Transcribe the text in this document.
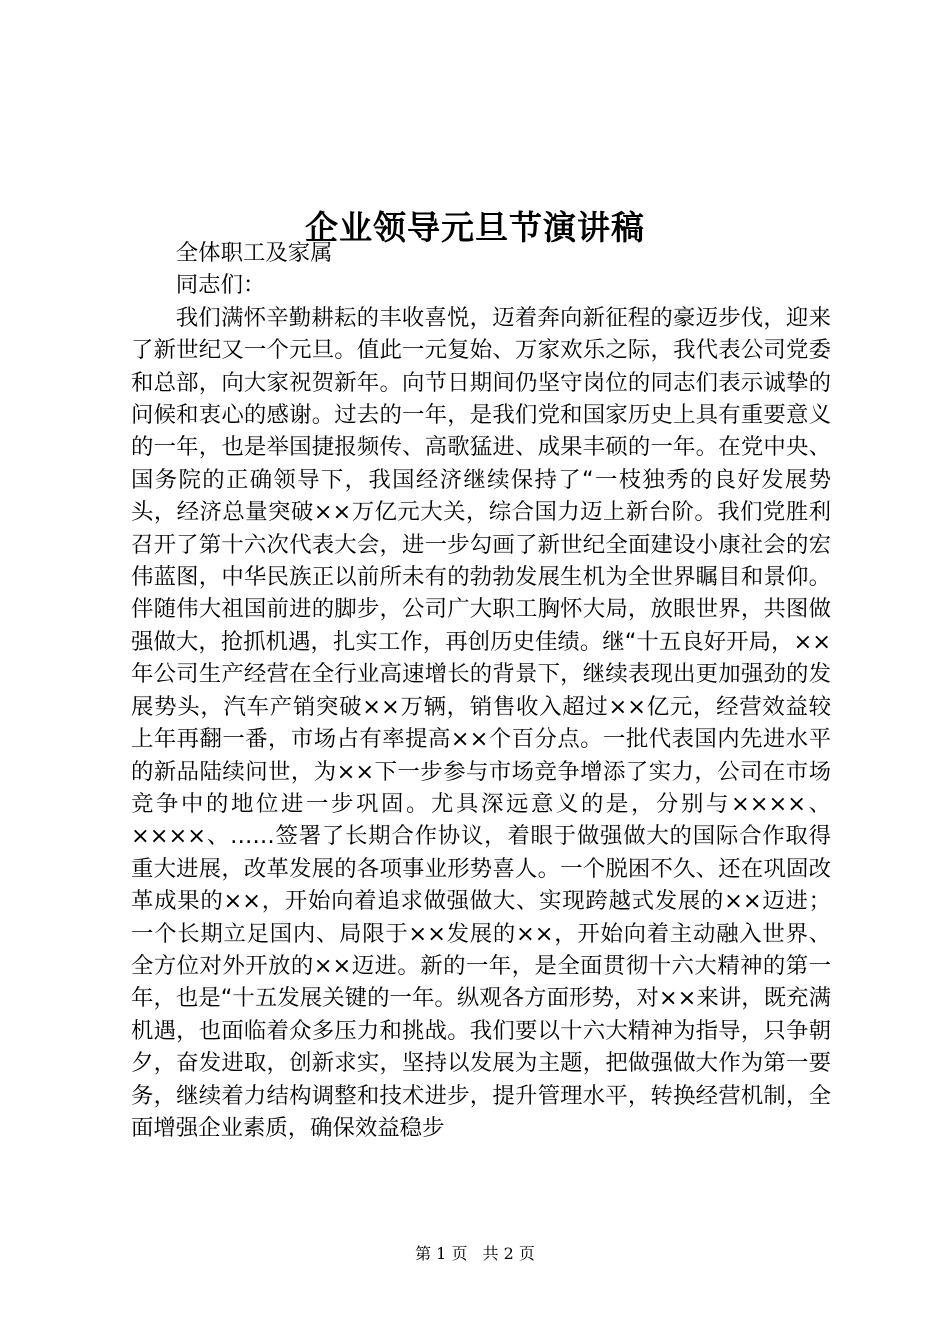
企业领导元旦节演讲稿

全体职工及家属

同志们：

我们满怀辛勤耕耘的丰收喜悦，迈着奔向新征程的豪迈步伐，迎来了新世纪又一个元旦。值此一元复始、万家欢乐之际，我代表公司党委和总部，向大家祝贺新年。向节日期间仍坚守岗位的同志们表示诚挚的问候和衷心的感谢。过去的一年，是我们党和国家历史上具有重要意义的一年，也是举国捷报频传、高歌猛进、成果丰硕的一年。在党中央、国务院的正确领导下，我国经济继续保持了“一枝独秀的良好发展势头，经济总量突破××万亿元大关，综合国力迈上新台阶。我们党胜利召开了第十六次代表大会，进一步勾画了新世纪全面建设小康社会的宏伟蓝图，中华民族正以前所未有的勃勃发展生机为全世界瞩目和景仰。伴随伟大祖国前进的脚步，公司广大职工胸怀大局，放眼世界，共图做强做大，抢抓机遇，扎实工作，再创历史佳绩。继“十五良好开局，××年公司生产经营在全行业高速增长的背景下，继续表现出更加强劲的发展势头，汽车产销突破××万辆，销售收入超过××亿元，经营效益较上年再翻一番，市场占有率提高××个百分点。一批代表国内先进水平的新品陆续问世，为××下一步参与市场竞争增添了实力，公司在市场竞争中的地位进一步巩固。尤具深远意义的是，分别与××××、××××、……签署了长期合作协议，着眼于做强做大的国际合作取得重大进展，改革发展的各项事业形势喜人。一个脱困不久、还在巩固改革成果的××，开始向着追求做强做大、实现跨越式发展的××迈进；一个长期立足国内、局限于××发展的××，开始向着主动融入世界、全方位对外开放的××迈进。新的一年，是全面贯彻十六大精神的第一年，也是“十五发展关键的一年。纵观各方面形势，对××来讲，既充满机遇，也面临着众多压力和挑战。我们要以十六大精神为指导，只争朝夕，奋发进取，创新求实，坚持以发展为主题，把做强做大作为第一要务，继续着力结构调整和技术进步，提升管理水平，转换经营机制，全面增强企业素质，确保效益稳步

第 1 页 共 2 页
